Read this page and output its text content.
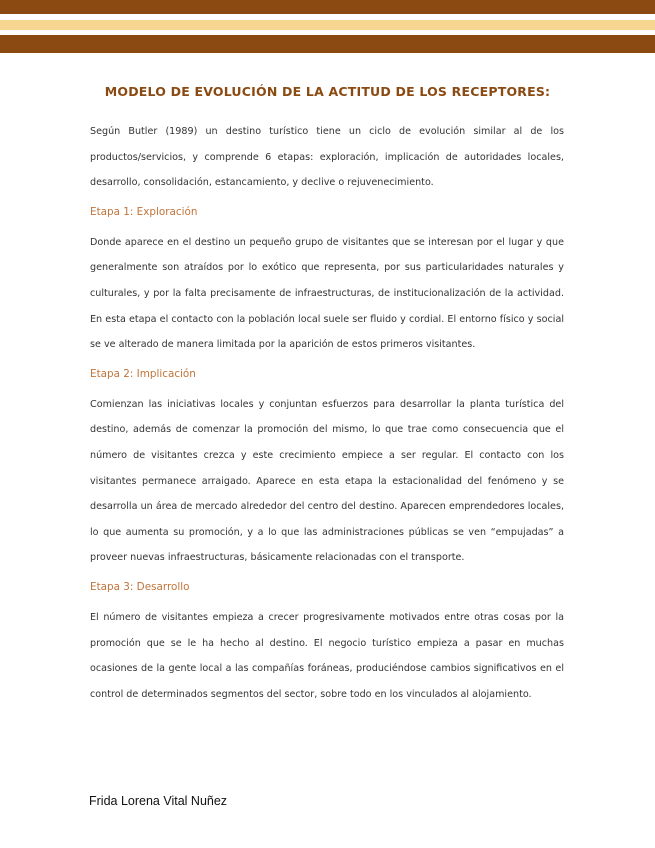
MODELO DE EVOLUCIÓN DE LA ACTITUD DE LOS RECEPTORES:

Según Butler (1989) un destino turístico tiene un ciclo de evolución similar al de los productos/servicios, y comprende 6 etapas: exploración, implicación de autoridades locales, desarrollo, consolidación, estancamiento, y declive o rejuvenecimiento.

Etapa 1: Exploración

Donde aparece en el destino un pequeño grupo de visitantes que se interesan por el lugar y que generalmente son atraídos por lo exótico que representa, por sus particularidades naturales y culturales, y por la falta precisamente de infraestructuras, de institucionalización de la actividad. En esta etapa el contacto con la población local suele ser fluido y cordial. El entorno físico y social se ve alterado de manera limitada por la aparición de estos primeros visitantes.

Etapa 2: Implicación

Comienzan las iniciativas locales y conjuntan esfuerzos para desarrollar la planta turística del destino, además de comenzar la promoción del mismo, lo que trae como consecuencia que el número de visitantes crezca y este crecimiento empiece a ser regular. El contacto con los visitantes permanece arraigado. Aparece en esta etapa la estacionalidad del fenómeno y se desarrolla un área de mercado alrededor del centro del destino. Aparecen emprendedores locales, lo que aumenta su promoción, y a lo que las administraciones públicas se ven “empujadas” a proveer nuevas infraestructuras, básicamente relacionadas con el transporte.

Etapa 3: Desarrollo

El número de visitantes empieza a crecer progresivamente motivados entre otras cosas por la promoción que se le ha hecho al destino. El negocio turístico empieza a pasar en muchas ocasiones de la gente local a las compañías foráneas, produciéndose cambios significativos en el control de determinados segmentos del sector, sobre todo en los vinculados al alojamiento.

Frida Lorena Vital Nuñez
